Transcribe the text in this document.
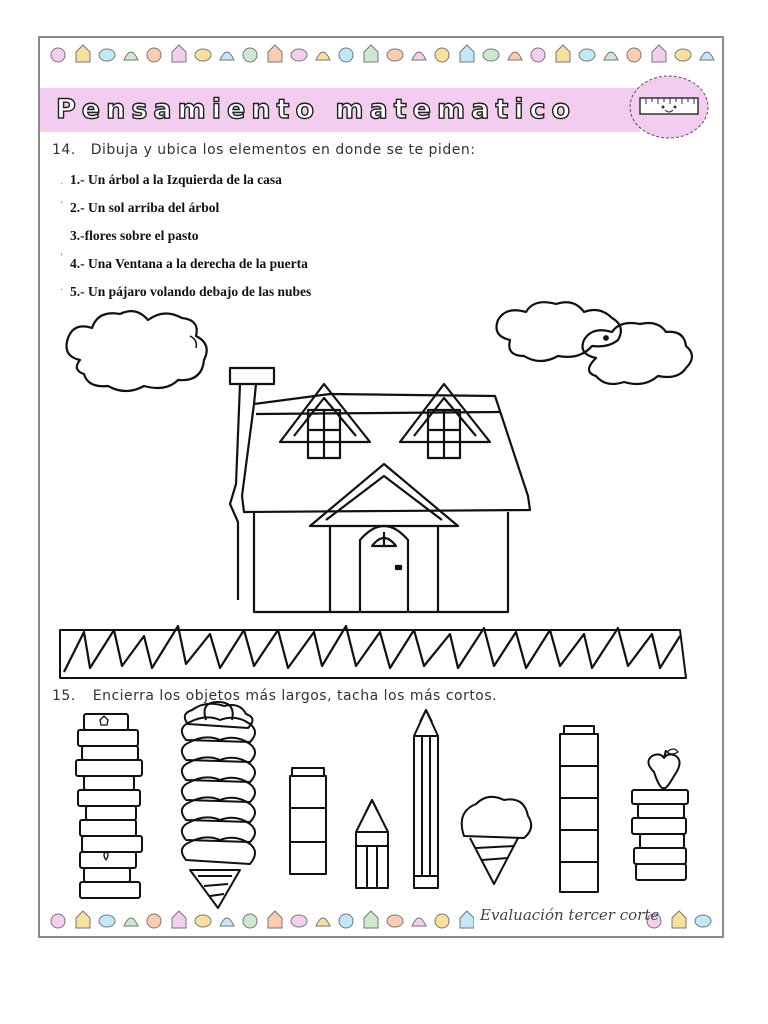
Pensamiento matematico
14. Dibuja y ubica los elementos en donde se te piden:
. 1.- Un árbol a la Izquierda de la casa
‘ 2.- Un sol arriba del árbol
3.-flores sobre el pasto
‘ 4.- Una Ventana a la derecha de la puerta
. 5.- Un pájaro volando debajo de las nubes
15. Encierra los objetos más largos, tacha los más cortos.
Evaluación tercer corte
